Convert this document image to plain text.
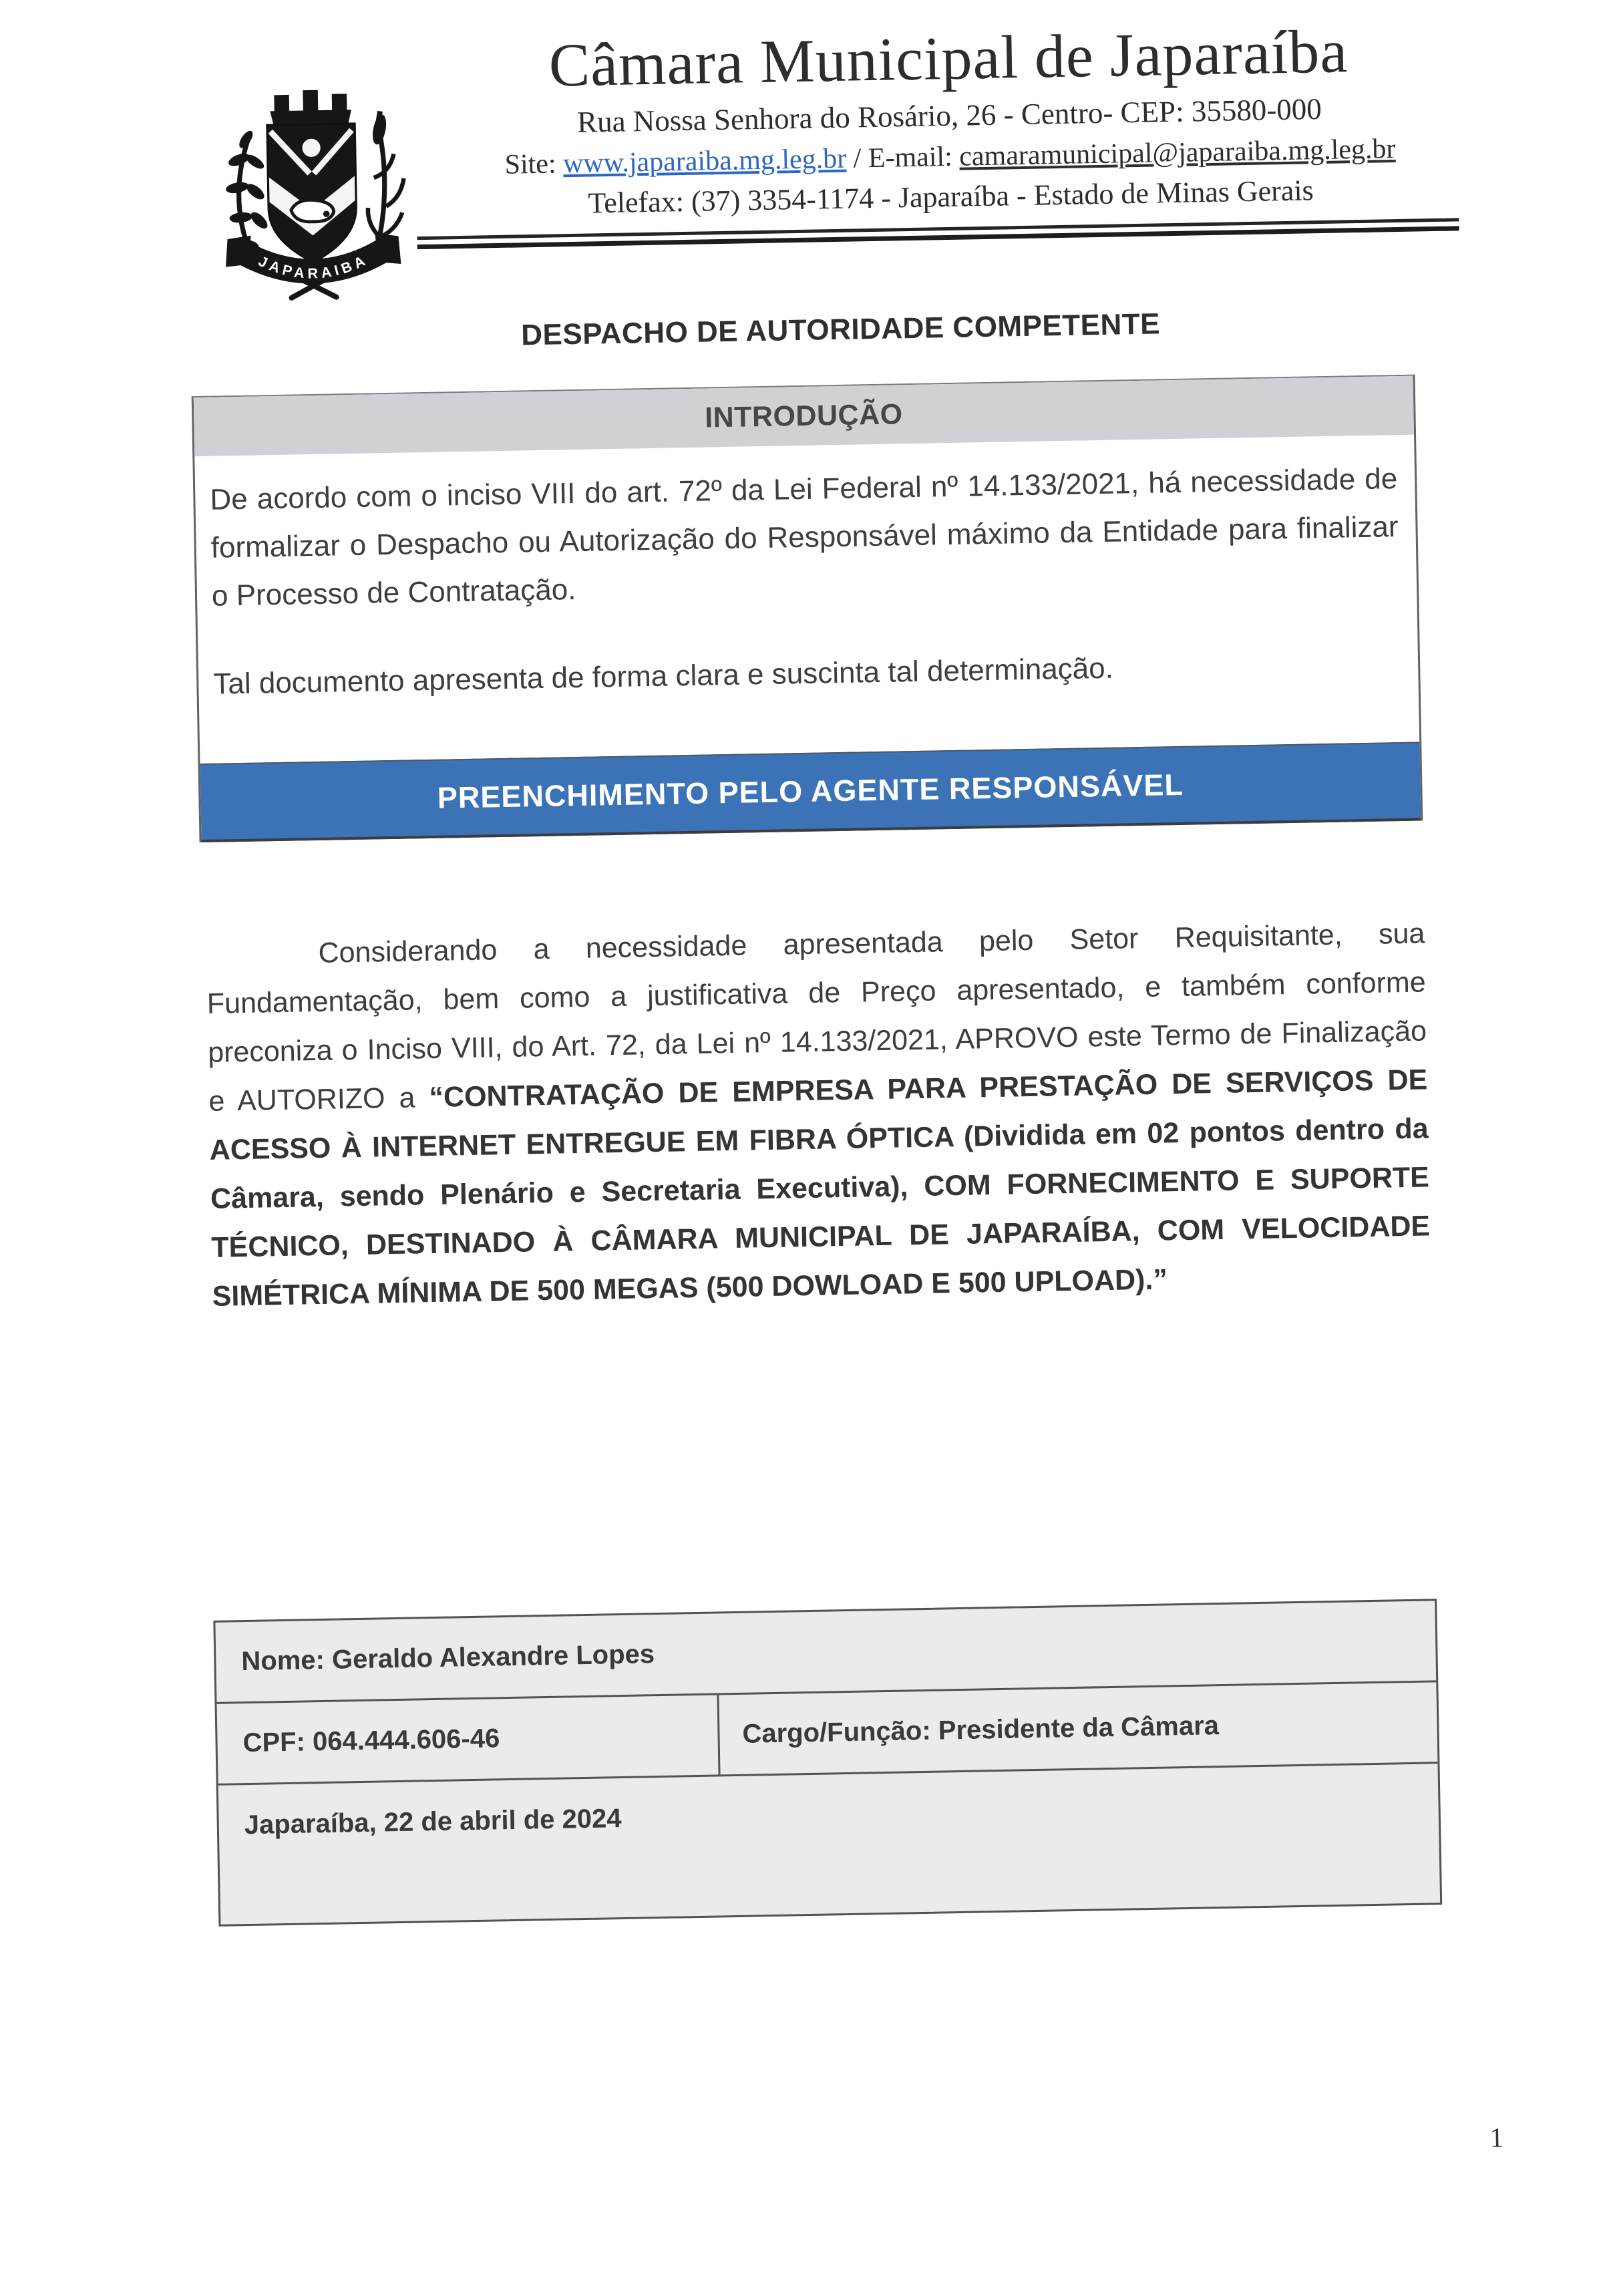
JAPARAIBA
Câmara Municipal de Japaraíba
Rua Nossa Senhora do Rosário, 26 - Centro- CEP: 35580-000
Site: www.japaraiba.mg.leg.br / E-mail: camaramunicipal@japaraiba.mg.leg.br
Telefax: (37) 3354-1174 - Japaraíba - Estado de Minas Gerais
DESPACHO DE AUTORIDADE COMPETENTE
INTRODUÇÃO

De acordo com o inciso VIII do art. 72º da Lei Federal nº 14.133/2021, há necessidade de formalizar o Despacho ou Autorização do Responsável máximo da Entidade para finalizar o Processo de Contratação.

Tal documento apresenta de forma clara e suscinta tal determinação.

PREENCHIMENTO PELO AGENTE RESPONSÁVEL

Considerando a necessidade apresentada pelo Setor Requisitante, sua Fundamentação, bem como a justificativa de Preço apresentado, e também conforme preconiza o Inciso VIII, do Art. 72, da Lei nº 14.133/2021, APROVO este Termo de Finalização e AUTORIZO a “CONTRATAÇÃO DE EMPRESA PARA PRESTAÇÃO DE SERVIÇOS DE ACESSO À INTERNET ENTREGUE EM FIBRA ÓPTICA (Dividida em 02 pontos dentro da Câmara, sendo Plenário e Secretaria Executiva), COM FORNECIMENTO E SUPORTE TÉCNICO, DESTINADO À CÂMARA MUNICIPAL DE JAPARAÍBA, COM VELOCIDADE SIMÉTRICA MÍNIMA DE 500 MEGAS (500 DOWLOAD E 500 UPLOAD).”

Nome: Geraldo Alexandre Lopes
CPF: 064.444.606-46	Cargo/Função: Presidente da Câmara
Japaraíba, 22 de abril de 2024
1
